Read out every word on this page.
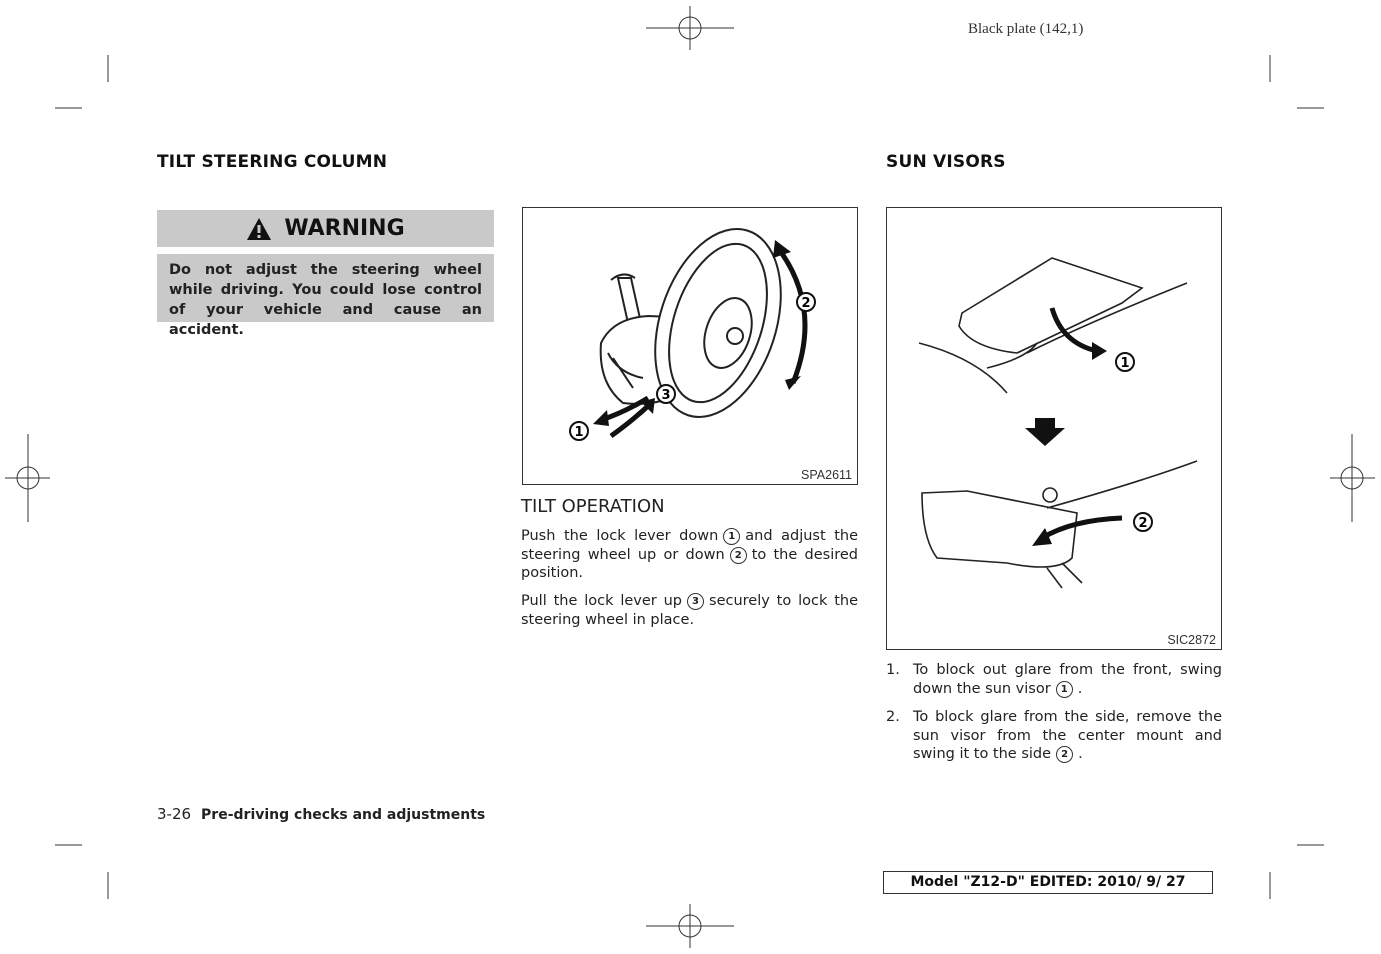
Black plate (142,1)
TILT STEERING COLUMN
WARNING
Do not adjust the steering wheel while driving. You could lose control of your vehicle and cause an accident.
2
1
3
SPA2611
TILT OPERATION
Push the lock lever down 1 and adjust the steering wheel up or down 2 to the desired position.
Pull the lock lever up 3 securely to lock the steering wheel in place.
SUN VISORS
1
2
SIC2872
1. To block out glare from the front, swing down the sun visor 1 .
2. To block glare from the side, remove the sun visor from the center mount and swing it to the side 2 .
3-26 Pre-driving checks and adjustments
Model "Z12-D" EDITED: 2010/ 9/ 27
